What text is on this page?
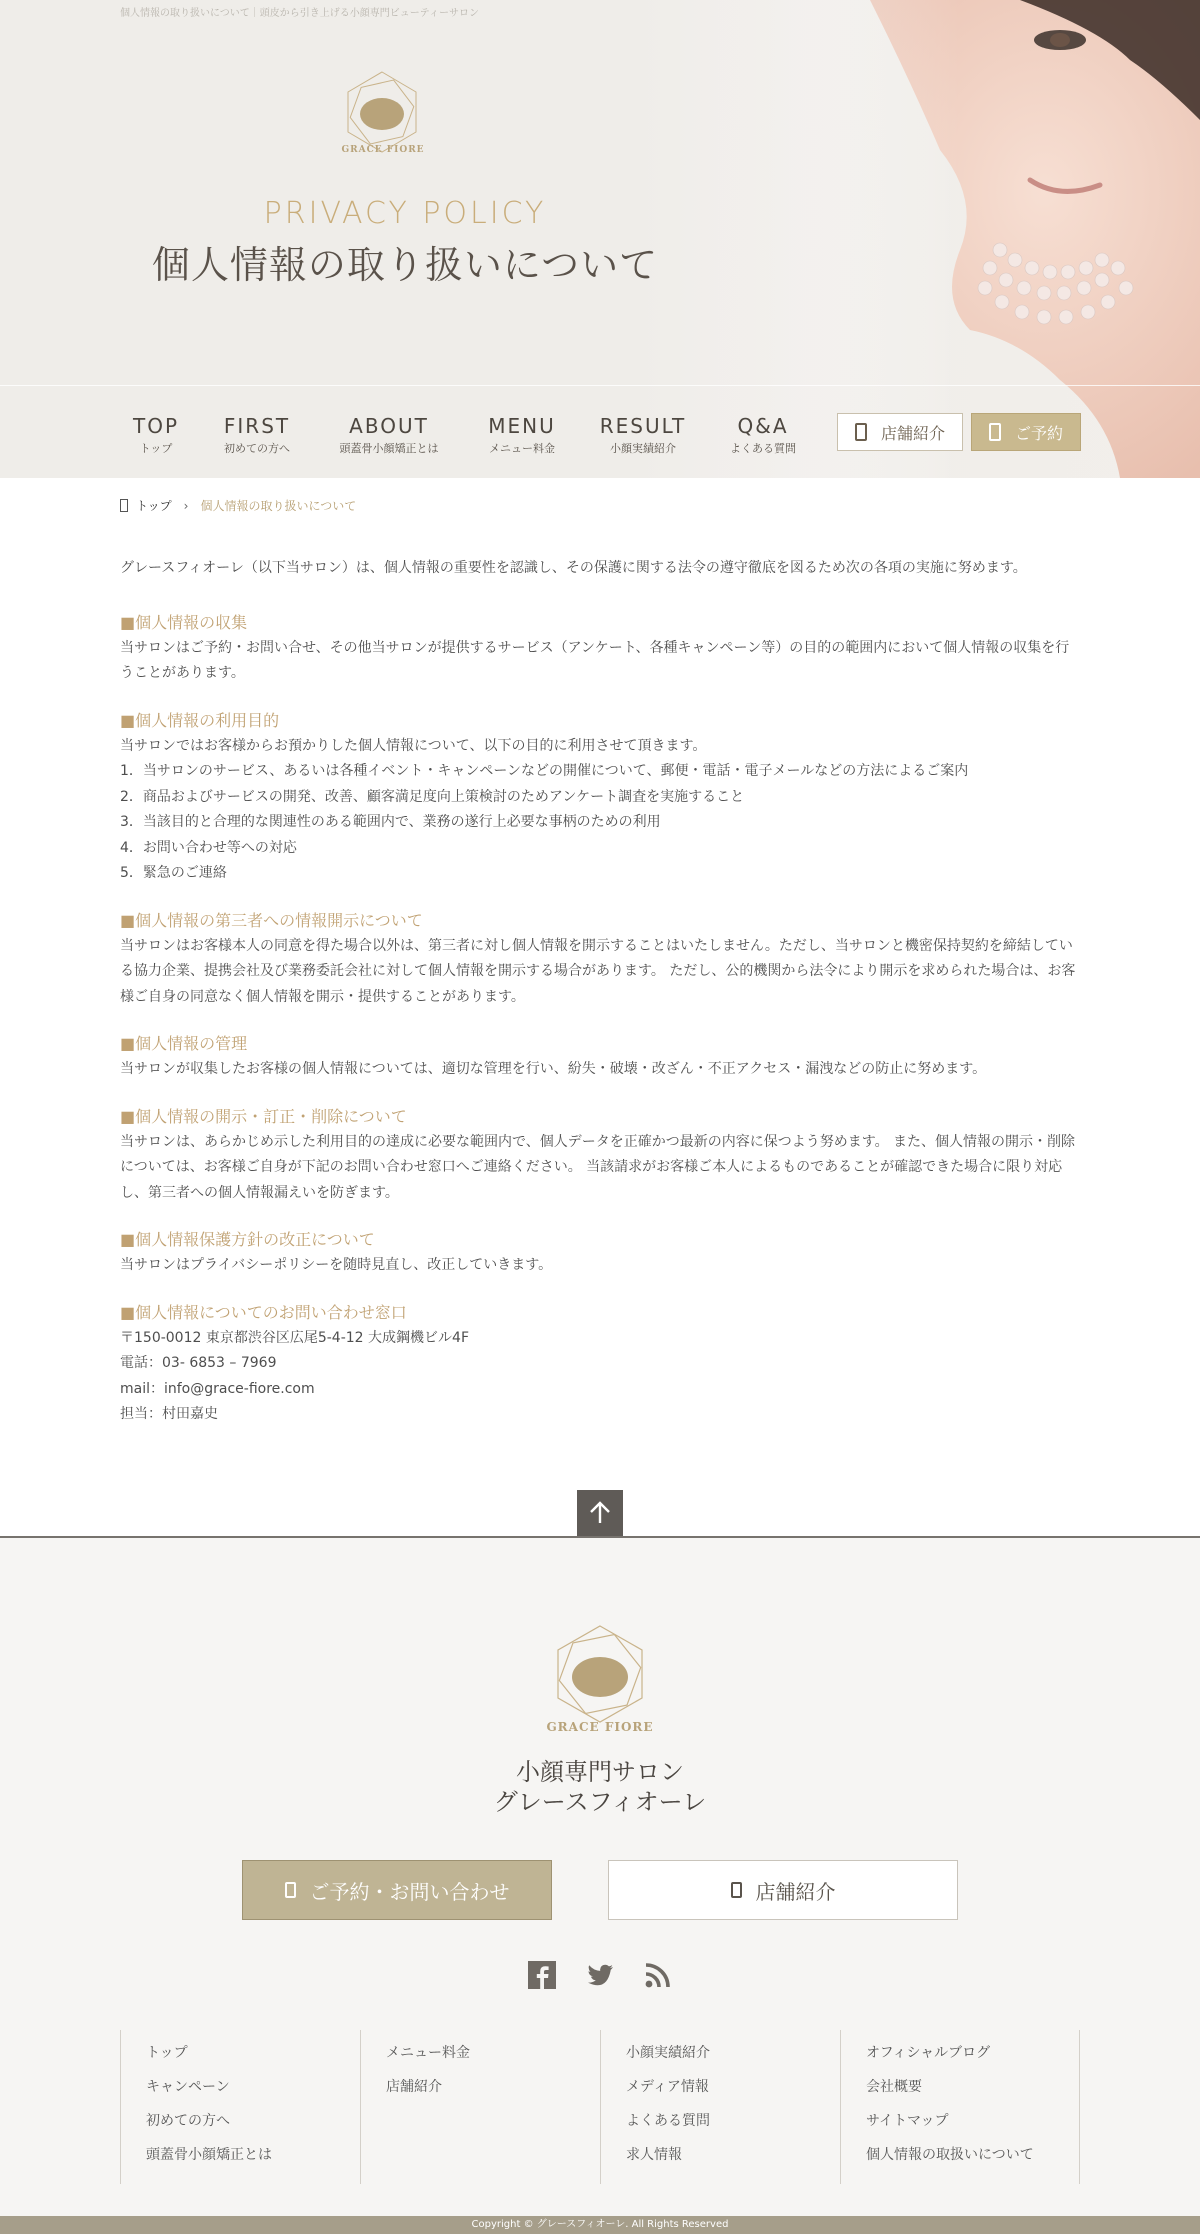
個人情報の取り扱いについて｜頭皮から引き上げる小顔専門ビューティーサロン
GRACE FIORE
PRIVACY POLICY
個人情報の取り扱いについて
TOP
トップ
FIRST
初めての方へ
ABOUT
頭蓋骨小顔矯正とは
MENU
メニュー料金
RESULT
小顔実績紹介
Q&A
よくある質問
店舗紹介	ご予約
トップ › 個人情報の取り扱いについて

グレースフィオーレ（以下当サロン）は、個人情報の重要性を認識し、その保護に関する法令の遵守徹底を図るため次の各項の実施に努めます。

■個人情報の収集

当サロンはご予約・お問い合せ、その他当サロンが提供するサービス（アンケート、各種キャンペーン等）の目的の範囲内において個人情報の収集を行うことがあります。

■個人情報の利用目的

当サロンではお客様からお預かりした個人情報について、以下の目的に利用させて頂きます。
1．当サロンのサービス、あるいは各種イベント・キャンペーンなどの開催について、郵便・電話・電子メールなどの方法によるご案内
2．商品およびサービスの開発、改善、顧客満足度向上策検討のためアンケート調査を実施すること
3．当該目的と合理的な関連性のある範囲内で、業務の遂行上必要な事柄のための利用
4．お問い合わせ等への対応
5．緊急のご連絡

■個人情報の第三者への情報開示について

当サロンはお客様本人の同意を得た場合以外は、第三者に対し個人情報を開示することはいたしません。ただし、当サロンと機密保持契約を締結している協力企業、提携会社及び業務委託会社に対して個人情報を開示する場合があります。 ただし、公的機関から法令により開示を求められた場合は、お客様ご自身の同意なく個人情報を開示・提供することがあります。

■個人情報の管理

当サロンが収集したお客様の個人情報については、適切な管理を行い、紛失・破壊・改ざん・不正アクセス・漏洩などの防止に努めます。

■個人情報の開示・訂正・削除について

当サロンは、あらかじめ示した利用目的の達成に必要な範囲内で、個人データを正確かつ最新の内容に保つよう努めます。 また、個人情報の開示・削除については、お客様ご自身が下記のお問い合わせ窓口へご連絡ください。 当該請求がお客様ご本人によるものであることが確認できた場合に限り対応し、第三者への個人情報漏えいを防ぎます。

■個人情報保護方針の改正について

当サロンはプライバシーポリシーを随時見直し、改正していきます。

■個人情報についてのお問い合わせ窓口

〒150-0012 東京都渋谷区広尾5-4-12 大成鋼機ビル4F
電話：03- 6853 – 7969
mail：info@grace-fiore.com
担当：村田嘉史

GRACE FIORE
小顔専門サロン
グレースフィオーレ
ご予約・お問い合わせ	店舗紹介
トップ
キャンペーン
初めての方へ
頭蓋骨小顔矯正とは
メニュー料金
店舗紹介
小顔実績紹介
メディア情報
よくある質問
求人情報
オフィシャルブログ
会社概要
サイトマップ
個人情報の取扱いについて
Copyright © グレースフィオーレ. All Rights Reserved
